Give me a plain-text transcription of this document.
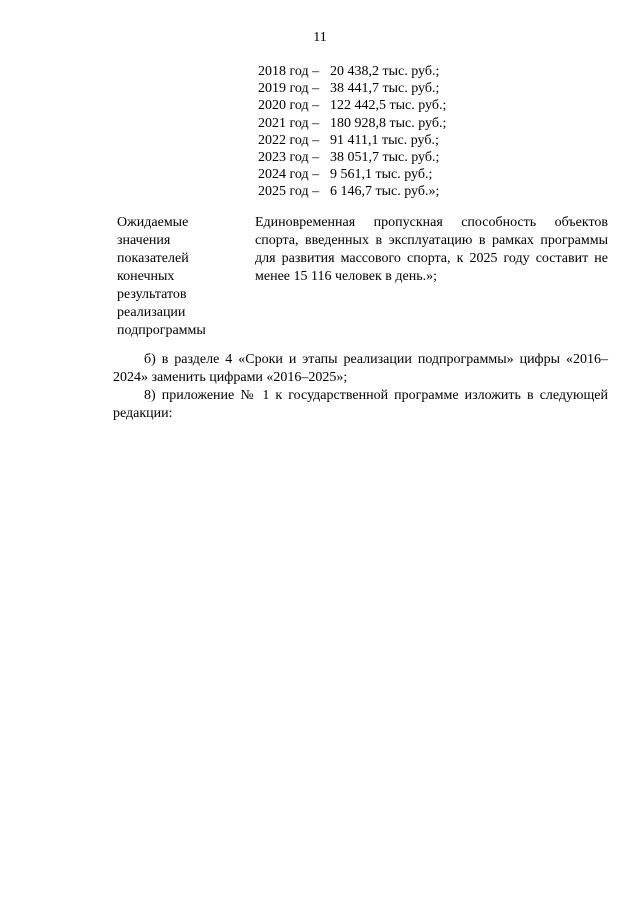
11
2018 год – 20 438,2 тыс. руб.;
2019 год – 38 441,7 тыс. руб.;
2020 год – 122 442,5 тыс. руб.;
2021 год – 180 928,8 тыс. руб.;
2022 год – 91 411,1 тыс. руб.;
2023 год – 38 051,7 тыс. руб.;
2024 год – 9 561,1 тыс. руб.;
2025 год – 6 146,7 тыс. руб.»;
Ожидаемые
значения
показателей
конечных
результатов
реализации
подпрограммы
Единовременная пропускная способность объектов спорта, введенных в эксплуатацию в рамках программы для развития массового спорта, к 2025 году составит не менее 15 116 человек в день.»;
б) в разделе 4 «Сроки и этапы реализации подпрограммы» цифры «2016–2024» заменить цифрами «2016–2025»;
8) приложение № 1 к государственной программе изложить в следующей редакции:
